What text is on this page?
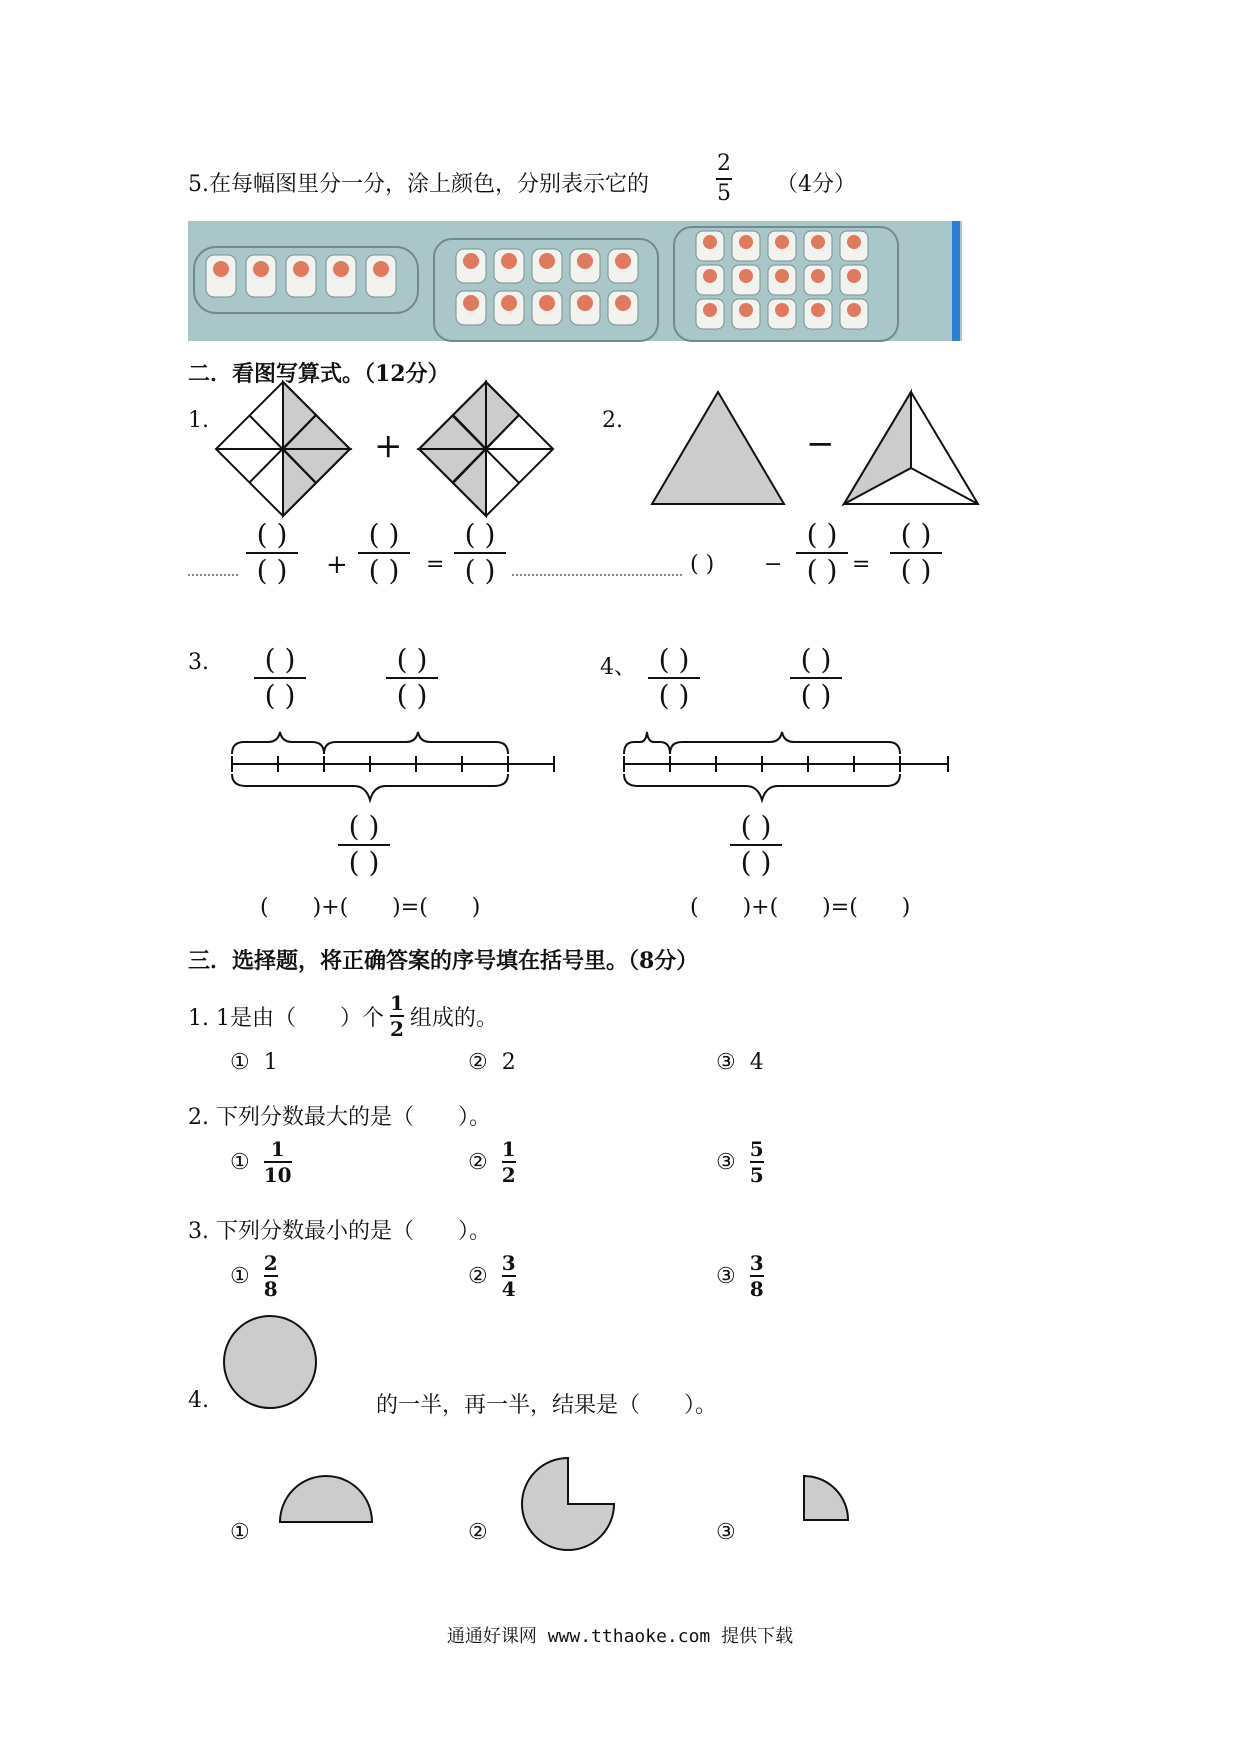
5.在每幅图里分一分，涂上颜色，分别表示它的
2
5 （4分）
二．看图写算式。（12分）
1.	2.
+	−
( )
( ) +
( )
( ) =
( )
( )	( ) −
( )
( ) =
( )
( )
3.	4、
( )
( )
( )
( )
( )
( )
(　　)+(　　)=(　　)
( )
( )
( )
( )
( )
( )
(　　)+(　　)=(　　)
三．选择题，将正确答案的序号填在括号里。（8分）
1. 1是由（　　）个
1
2 组成的。
① 1	② 2	③ 4
2. 下列分数最大的是（　　）。
①
1
10
②
1
2
③
5
5
3. 下列分数最小的是（　　）。
①
2
8
②
3
4
③
3
8
4.	的一半，再一半，结果是（　　）。
①	②	③
通通好课网 www.tthaoke.com 提供下载
